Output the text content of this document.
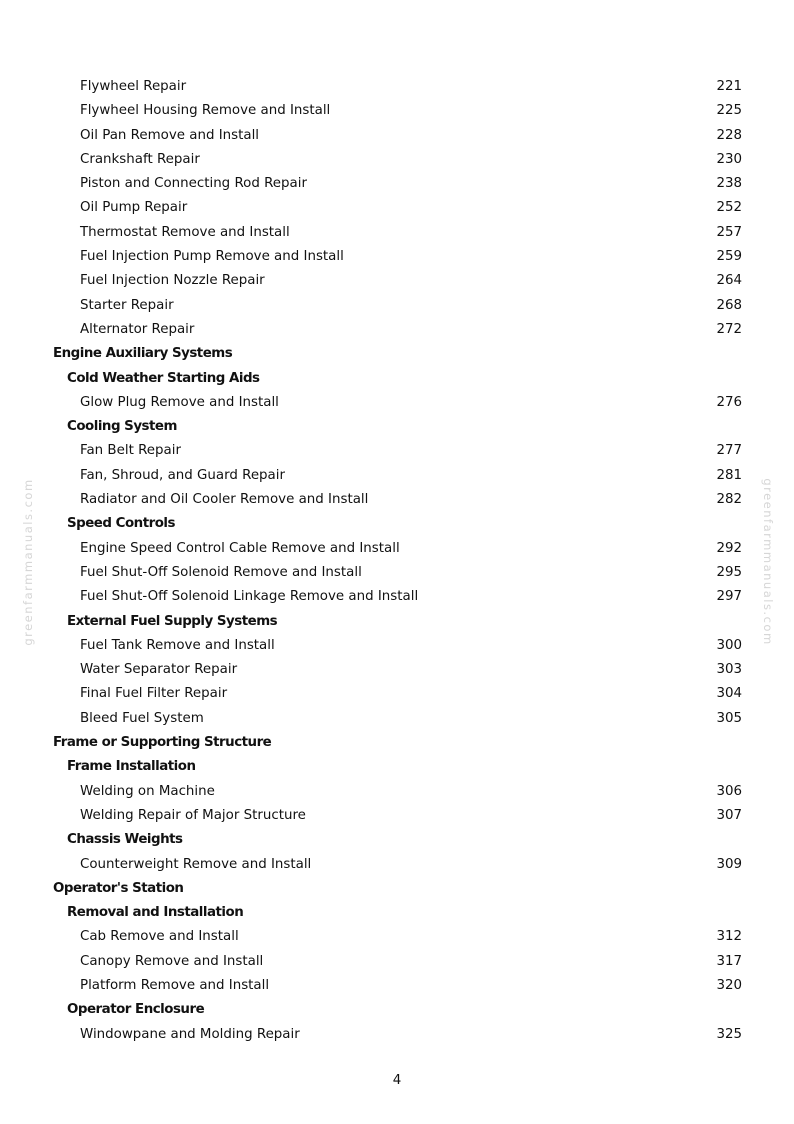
greenfarmmanuals.com	greenfarmmanuals.com
Flywheel Repair	221
Flywheel Housing Remove and Install	225
Oil Pan Remove and Install	228
Crankshaft Repair	230
Piston and Connecting Rod Repair	238
Oil Pump Repair	252
Thermostat Remove and Install	257
Fuel Injection Pump Remove and Install	259
Fuel Injection Nozzle Repair	264
Starter Repair	268
Alternator Repair	272
Engine Auxiliary Systems
Cold Weather Starting Aids
Glow Plug Remove and Install	276
Cooling System
Fan Belt Repair	277
Fan, Shroud, and Guard Repair	281
Radiator and Oil Cooler Remove and Install	282
Speed Controls
Engine Speed Control Cable Remove and Install	292
Fuel Shut-Off Solenoid Remove and Install	295
Fuel Shut-Off Solenoid Linkage Remove and Install	297
External Fuel Supply Systems
Fuel Tank Remove and Install	300
Water Separator Repair	303
Final Fuel Filter Repair	304
Bleed Fuel System	305
Frame or Supporting Structure
Frame Installation
Welding on Machine	306
Welding Repair of Major Structure	307
Chassis Weights
Counterweight Remove and Install	309
Operator's Station
Removal and Installation
Cab Remove and Install	312
Canopy Remove and Install	317
Platform Remove and Install	320
Operator Enclosure
Windowpane and Molding Repair	325
4
